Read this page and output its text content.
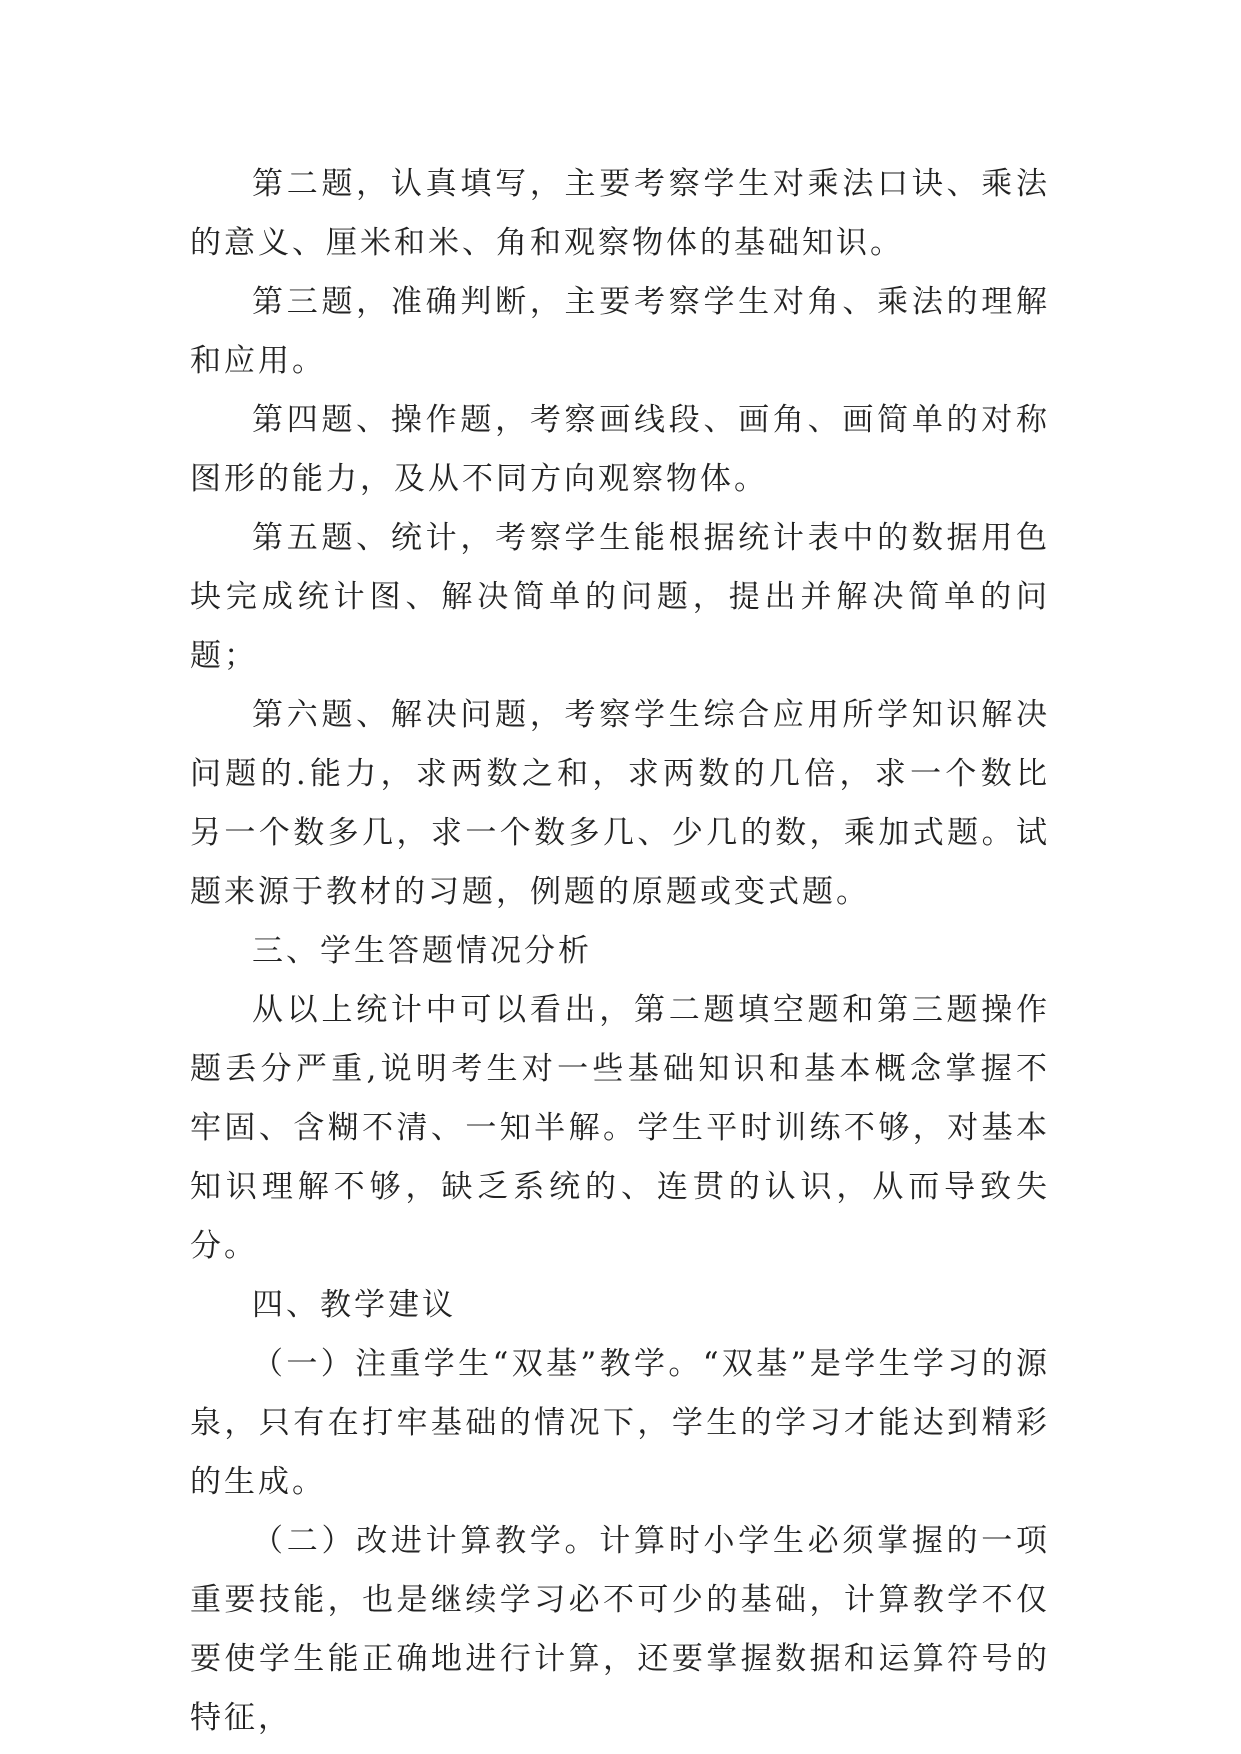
第二题，认真填写，主要考察学生对乘法口诀、乘法的意义、厘米和米、角和观察物体的基础知识。

第三题，准确判断，主要考察学生对角、乘法的理解和应用。

第四题、操作题，考察画线段、画角、画简单的对称图形的能力，及从不同方向观察物体。

第五题、统计，考察学生能根据统计表中的数据用色块完成统计图、解决简单的问题，提出并解决简单的问题；

第六题、解决问题，考察学生综合应用所学知识解决问题的.能力，求两数之和，求两数的几倍，求一个数比另一个数多几，求一个数多几、少几的数，乘加式题。试题来源于教材的习题，例题的原题或变式题。

三、学生答题情况分析

从以上统计中可以看出，第二题填空题和第三题操作题丢分严重,说明考生对一些基础知识和基本概念掌握不牢固、含糊不清、一知半解。学生平时训练不够，对基本知识理解不够，缺乏系统的、连贯的认识，从而导致失分。

四、教学建议

（一）注重学生“双基”教学。“双基”是学生学习的源泉，只有在打牢基础的情况下，学生的学习才能达到精彩的生成。

（二）改进计算教学。计算时小学生必须掌握的一项重要技能，也是继续学习必不可少的基础，计算教学不仅要使学生能正确地进行计算，还要掌握数据和运算符号的特征，
